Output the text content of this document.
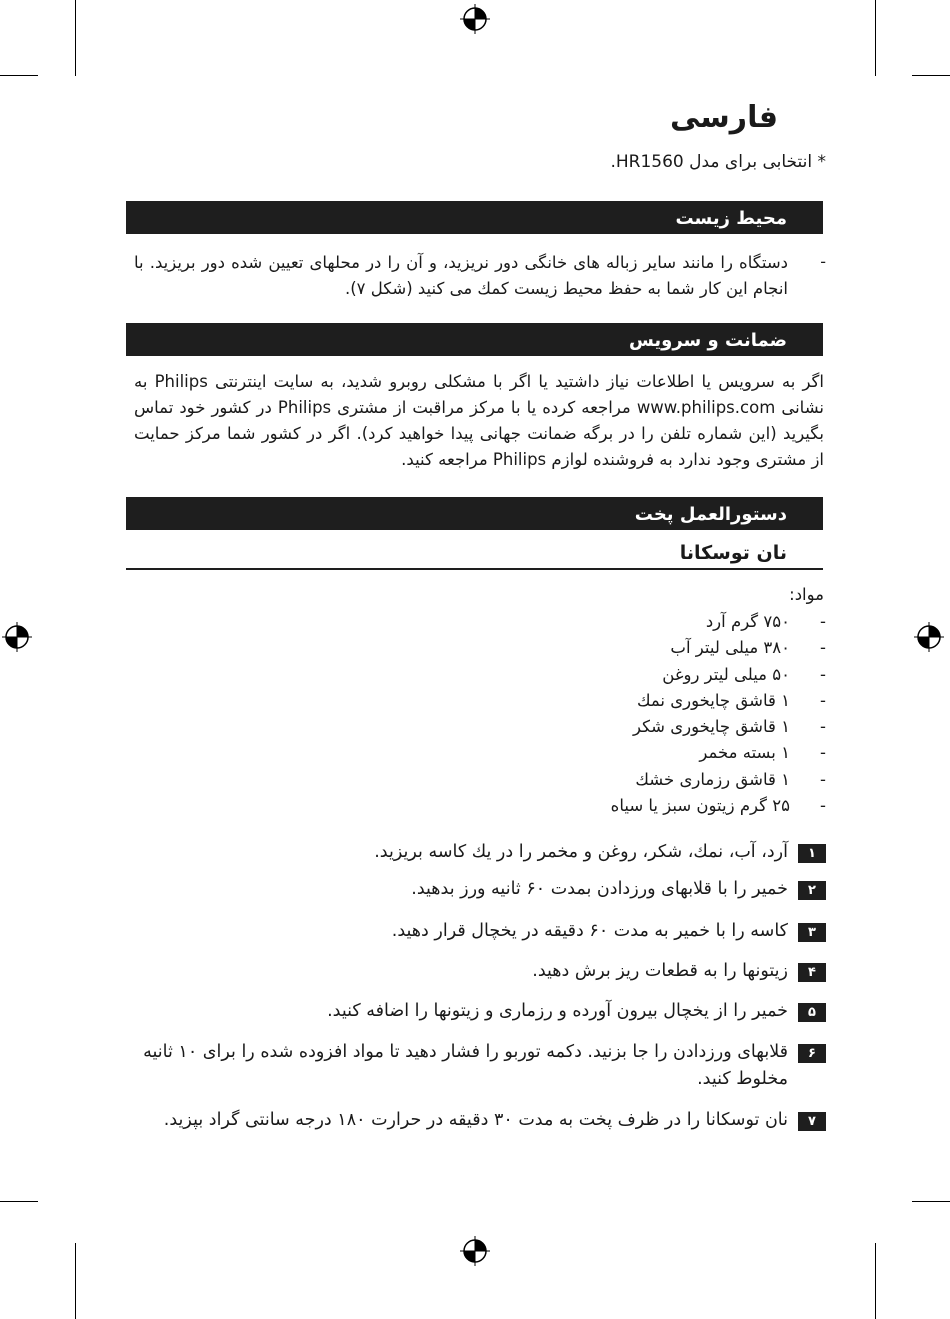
فارسی
* انتخابی برای مدل HR1560.
محیط زیست
-

دستگاه را مانند سایر زباله های خانگی دور نریزید، و آن را در محلهای تعیین شده دور بریزید. با انجام این کار شما به حفظ محیط زیست کمك می کنید (شکل ۷).

ضمانت و سرویس

اگر به سرویس یا اطلاعات نیاز داشتید یا اگر با مشکلی روبرو شدید، به سایت اینترنتی Philips به نشانی www.philips.com مراجعه کرده یا با مرکز مراقبت از مشتری Philips در کشور خود تماس بگیرید (این شماره تلفن را در برگه ضمانت جهانی پیدا خواهید کرد). اگر در کشور شما مرکز حمایت از مشتری وجود ندارد به فروشنده لوازم Philips مراجعه کنید.

دستورالعمل پخت
نان توسکانا
مواد:
-
۷۵۰ گرم آرد
-
۳۸۰ میلی لیتر آب
-
۵۰ میلی لیتر روغن
-
۱ قاشق چایخوری نمك
-
۱ قاشق چایخوری شکر
-
۱ بسته مخمر
-
۱ قاشق رزماری خشك
-
۲۵ گرم زیتون سبز یا سیاه
۱
آرد، آب، نمك، شکر، روغن و مخمر را در یك کاسه بریزید.
۲
خمیر را با قلابهای ورزدادن بمدت ۶۰ ثانیه ورز بدهید.
۳
کاسه را با خمیر به مدت ۶۰ دقیقه در یخچال قرار دهید.
۴
زیتونها را به قطعات ریز برش دهید.
۵
خمیر را از یخچال بیرون آورده و رزماری و زیتونها را اضافه کنید.
۶
قلابهای ورزدادن را جا بزنید. دکمه توربو را فشار دهید تا مواد افزوده شده را برای ۱۰ ثانیه مخلوط کنید.
۷
نان توسکانا را در ظرف پخت به مدت ۳۰ دقیقه در حرارت ۱۸۰ درجه سانتی گراد بپزید.
